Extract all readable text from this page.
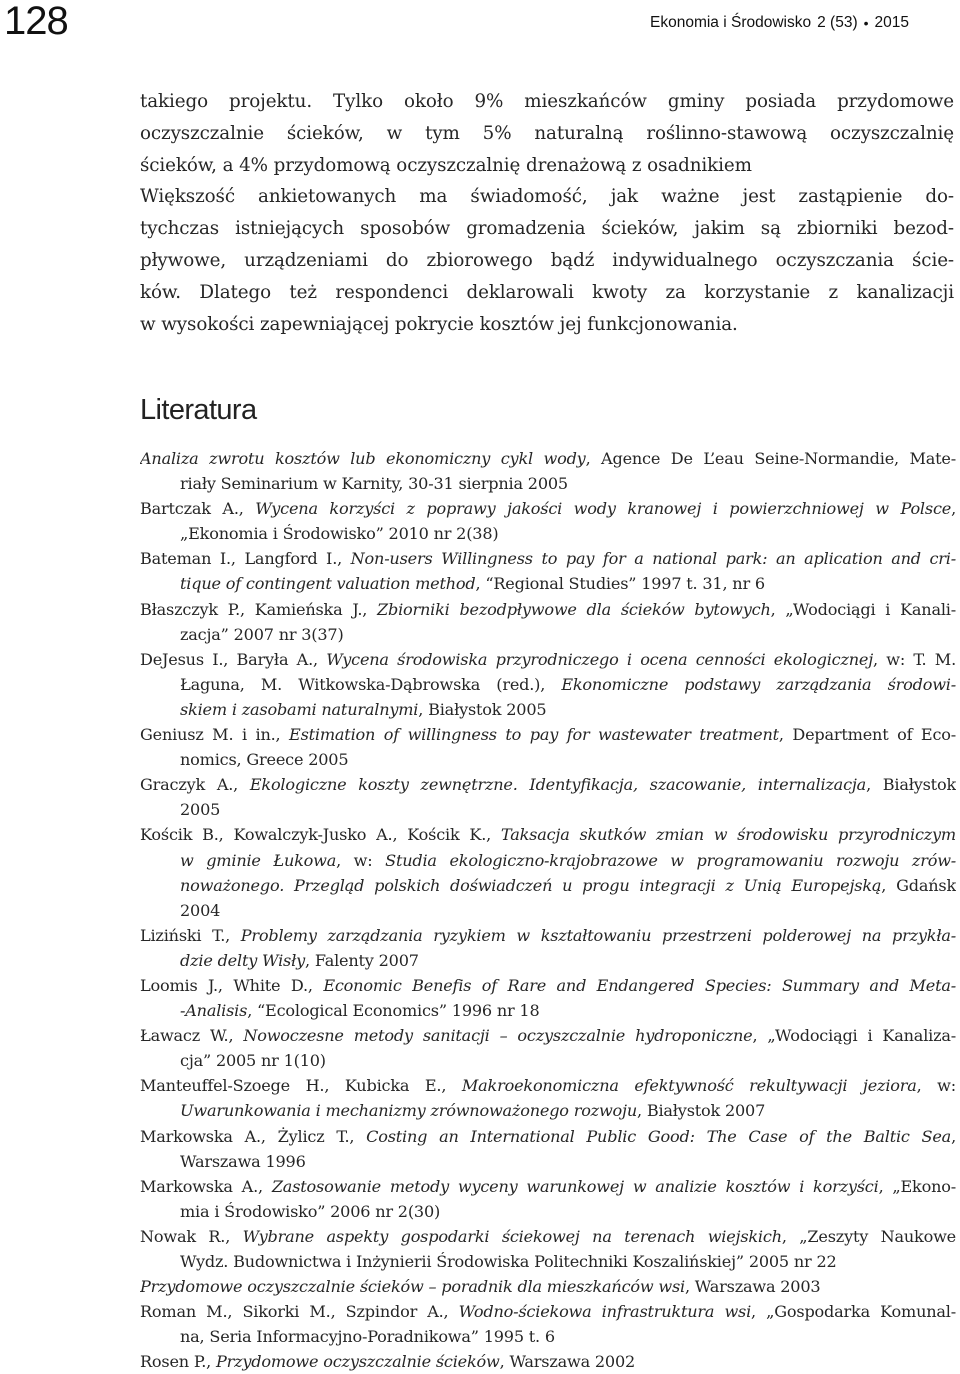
128	Ekonomia i Środowisko 2 (53) • 2015
takiego projektu. Tylko około 9% mieszkańców gminy posiada przydomowe
oczyszczalnie ścieków, w tym 5% naturalną roślinno-stawową oczyszczalnię
ścieków, a 4% przydomową oczyszczalnię drenażową z osadnikiem
Większość ankietowanych ma świadomość, jak ważne jest zastąpienie do-
tychczas istniejących sposobów gromadzenia ścieków, jakim są zbiorniki bezod-
pływowe, urządzeniami do zbiorowego bądź indywidualnego oczyszczania ście-
ków. Dlatego też respondenci deklarowali kwoty za korzystanie z kanalizacji
w wysokości zapewniającej pokrycie kosztów jej funkcjonowania.
Literatura
Analiza zwrotu kosztów lub ekonomiczny cykl wody, Agence De L’eau Seine-Normandie, Mate-
riały Seminarium w Karnity, 30-31 sierpnia 2005
Bartczak A., Wycena korzyści z poprawy jakości wody kranowej i powierzchniowej w Polsce,
„Ekonomia i Środowisko” 2010 nr 2(38)
Bateman I., Langford I., Non-users Willingness to pay for a national park: an aplication and cri-
tique of contingent valuation method, “Regional Studies” 1997 t. 31, nr 6
Błaszczyk P., Kamieńska J., Zbiorniki bezodpływowe dla ścieków bytowych, „Wodociągi i Kanali-
zacja” 2007 nr 3(37)
DeJesus I., Baryła A., Wycena środowiska przyrodniczego i ocena cenności ekologicznej, w: T. M.
Łaguna, M. Witkowska-Dąbrowska (red.), Ekonomiczne podstawy zarządzania środowi-
skiem i zasobami naturalnymi, Białystok 2005
Geniusz M. i in., Estimation of willingness to pay for wastewater treatment, Department of Eco-
nomics, Greece 2005
Graczyk A., Ekologiczne koszty zewnętrzne. Identyfikacja, szacowanie, internalizacja, Białystok
2005
Kościk B., Kowalczyk-Jusko A., Kościk K., Taksacja skutków zmian w środowisku przyrodniczym
w gminie Łukowa, w: Studia ekologiczno-krajobrazowe w programowaniu rozwoju zrów-
noważonego. Przegląd polskich doświadczeń u progu integracji z Unią Europejską, Gdańsk
2004
Liziński T., Problemy zarządzania ryzykiem w kształtowaniu przestrzeni polderowej na przykła-
dzie delty Wisły, Falenty 2007
Loomis J., White D., Economic Benefis of Rare and Endangered Species: Summary and Meta-
-Analisis, “Ecological Economics” 1996 nr 18
Ławacz W., Nowoczesne metody sanitacji – oczyszczalnie hydroponiczne, „Wodociągi i Kanaliza-
cja” 2005 nr 1(10)
Manteuffel-Szoege H., Kubicka E., Makroekonomiczna efektywność rekultywacji jeziora, w:
Uwarunkowania i mechanizmy zrównoważonego rozwoju, Białystok 2007
Markowska A., Żylicz T., Costing an International Public Good: The Case of the Baltic Sea,
Warszawa 1996
Markowska A., Zastosowanie metody wyceny warunkowej w analizie kosztów i korzyści, „Ekono-
mia i Środowisko” 2006 nr 2(30)
Nowak R., Wybrane aspekty gospodarki ściekowej na terenach wiejskich, „Zeszyty Naukowe
Wydz. Budownictwa i Inżynierii Środowiska Politechniki Koszalińskiej” 2005 nr 22
Przydomowe oczyszczalnie ścieków – poradnik dla mieszkańców wsi, Warszawa 2003
Roman M., Sikorki M., Szpindor A., Wodno-ściekowa infrastruktura wsi, „Gospodarka Komunal-
na, Seria Informacyjno-Poradnikowa” 1995 t. 6
Rosen P., Przydomowe oczyszczalnie ścieków, Warszawa 2002
